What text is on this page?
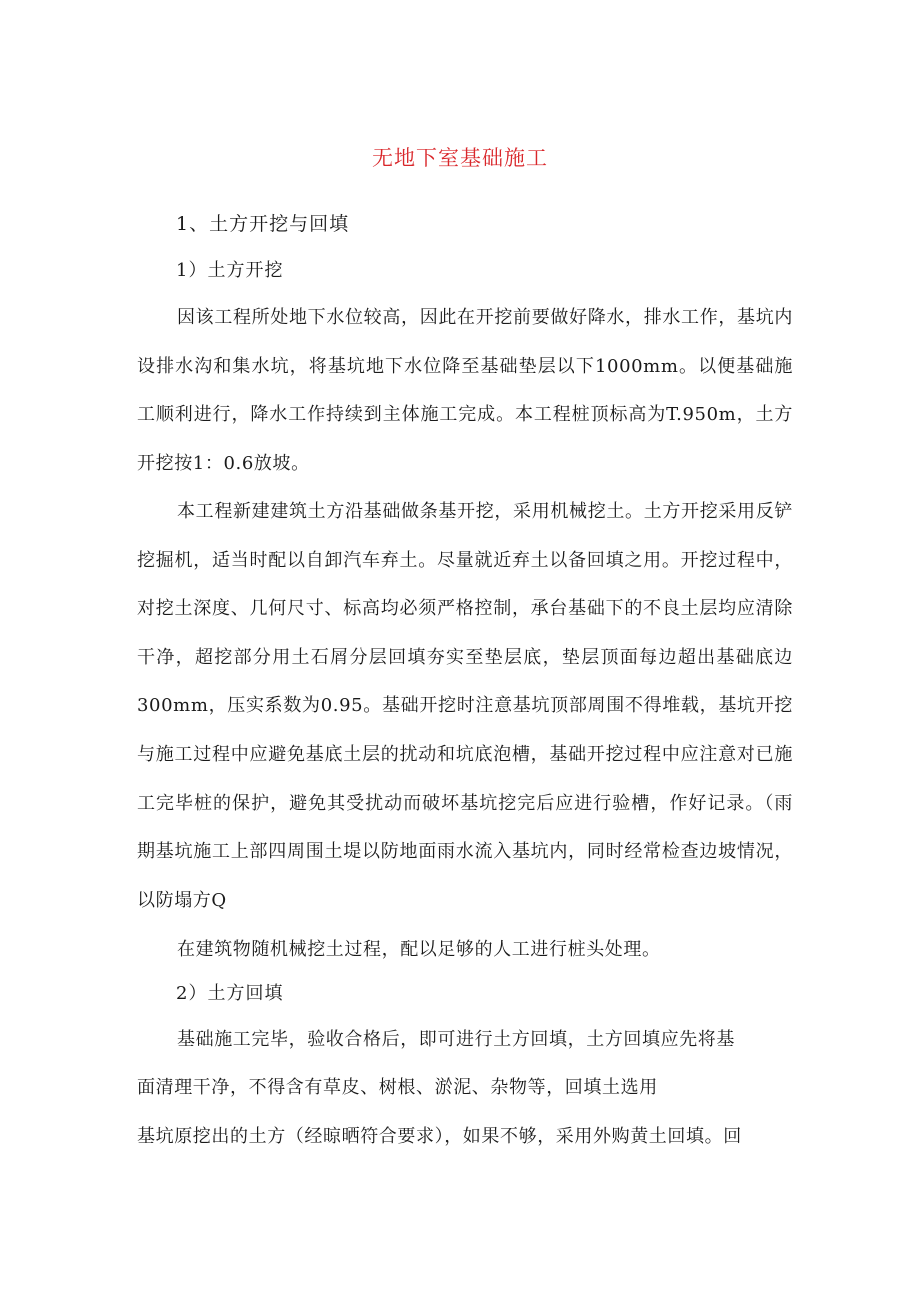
无地下室基础施工
1、土方开挖与回填
1）土方开挖

因该工程所处地下水位较高，因此在开挖前要做好降水，排水工作，基坑内设排水沟和集水坑，将基坑地下水位降至基础垫层以下1000mm。以便基础施工顺利进行，降水工作持续到主体施工完成。本工程桩顶标高为T.950m，土方开挖按1：0.6放坡。

本工程新建建筑土方沿基础做条基开挖，采用机械挖土。土方开挖采用反铲挖掘机，适当时配以自卸汽车弃土。尽量就近弃土以备回填之用。开挖过程中，对挖土深度、几何尺寸、标高均必须严格控制，承台基础下的不良土层均应清除干净，超挖部分用土石屑分层回填夯实至垫层底，垫层顶面每边超出基础底边300mm，压实系数为0.95。基础开挖时注意基坑顶部周围不得堆载，基坑开挖与施工过程中应避免基底土层的扰动和坑底泡槽，基础开挖过程中应注意对已施工完毕桩的保护，避免其受扰动而破坏基坑挖完后应进行验槽，作好记录。（雨期基坑施工上部四周围土堤以防地面雨水流入基坑内，同时经常检查边坡情况，以防塌方Q

在建筑物随机械挖土过程，配以足够的人工进行桩头处理。

2）土方回填

基础施工完毕，验收合格后，即可进行土方回填，土方回填应先将基

面清理干净，不得含有草皮、树根、淤泥、杂物等，回填土选用

基坑原挖出的土方（经晾晒符合要求），如果不够，采用外购黄土回填。回
